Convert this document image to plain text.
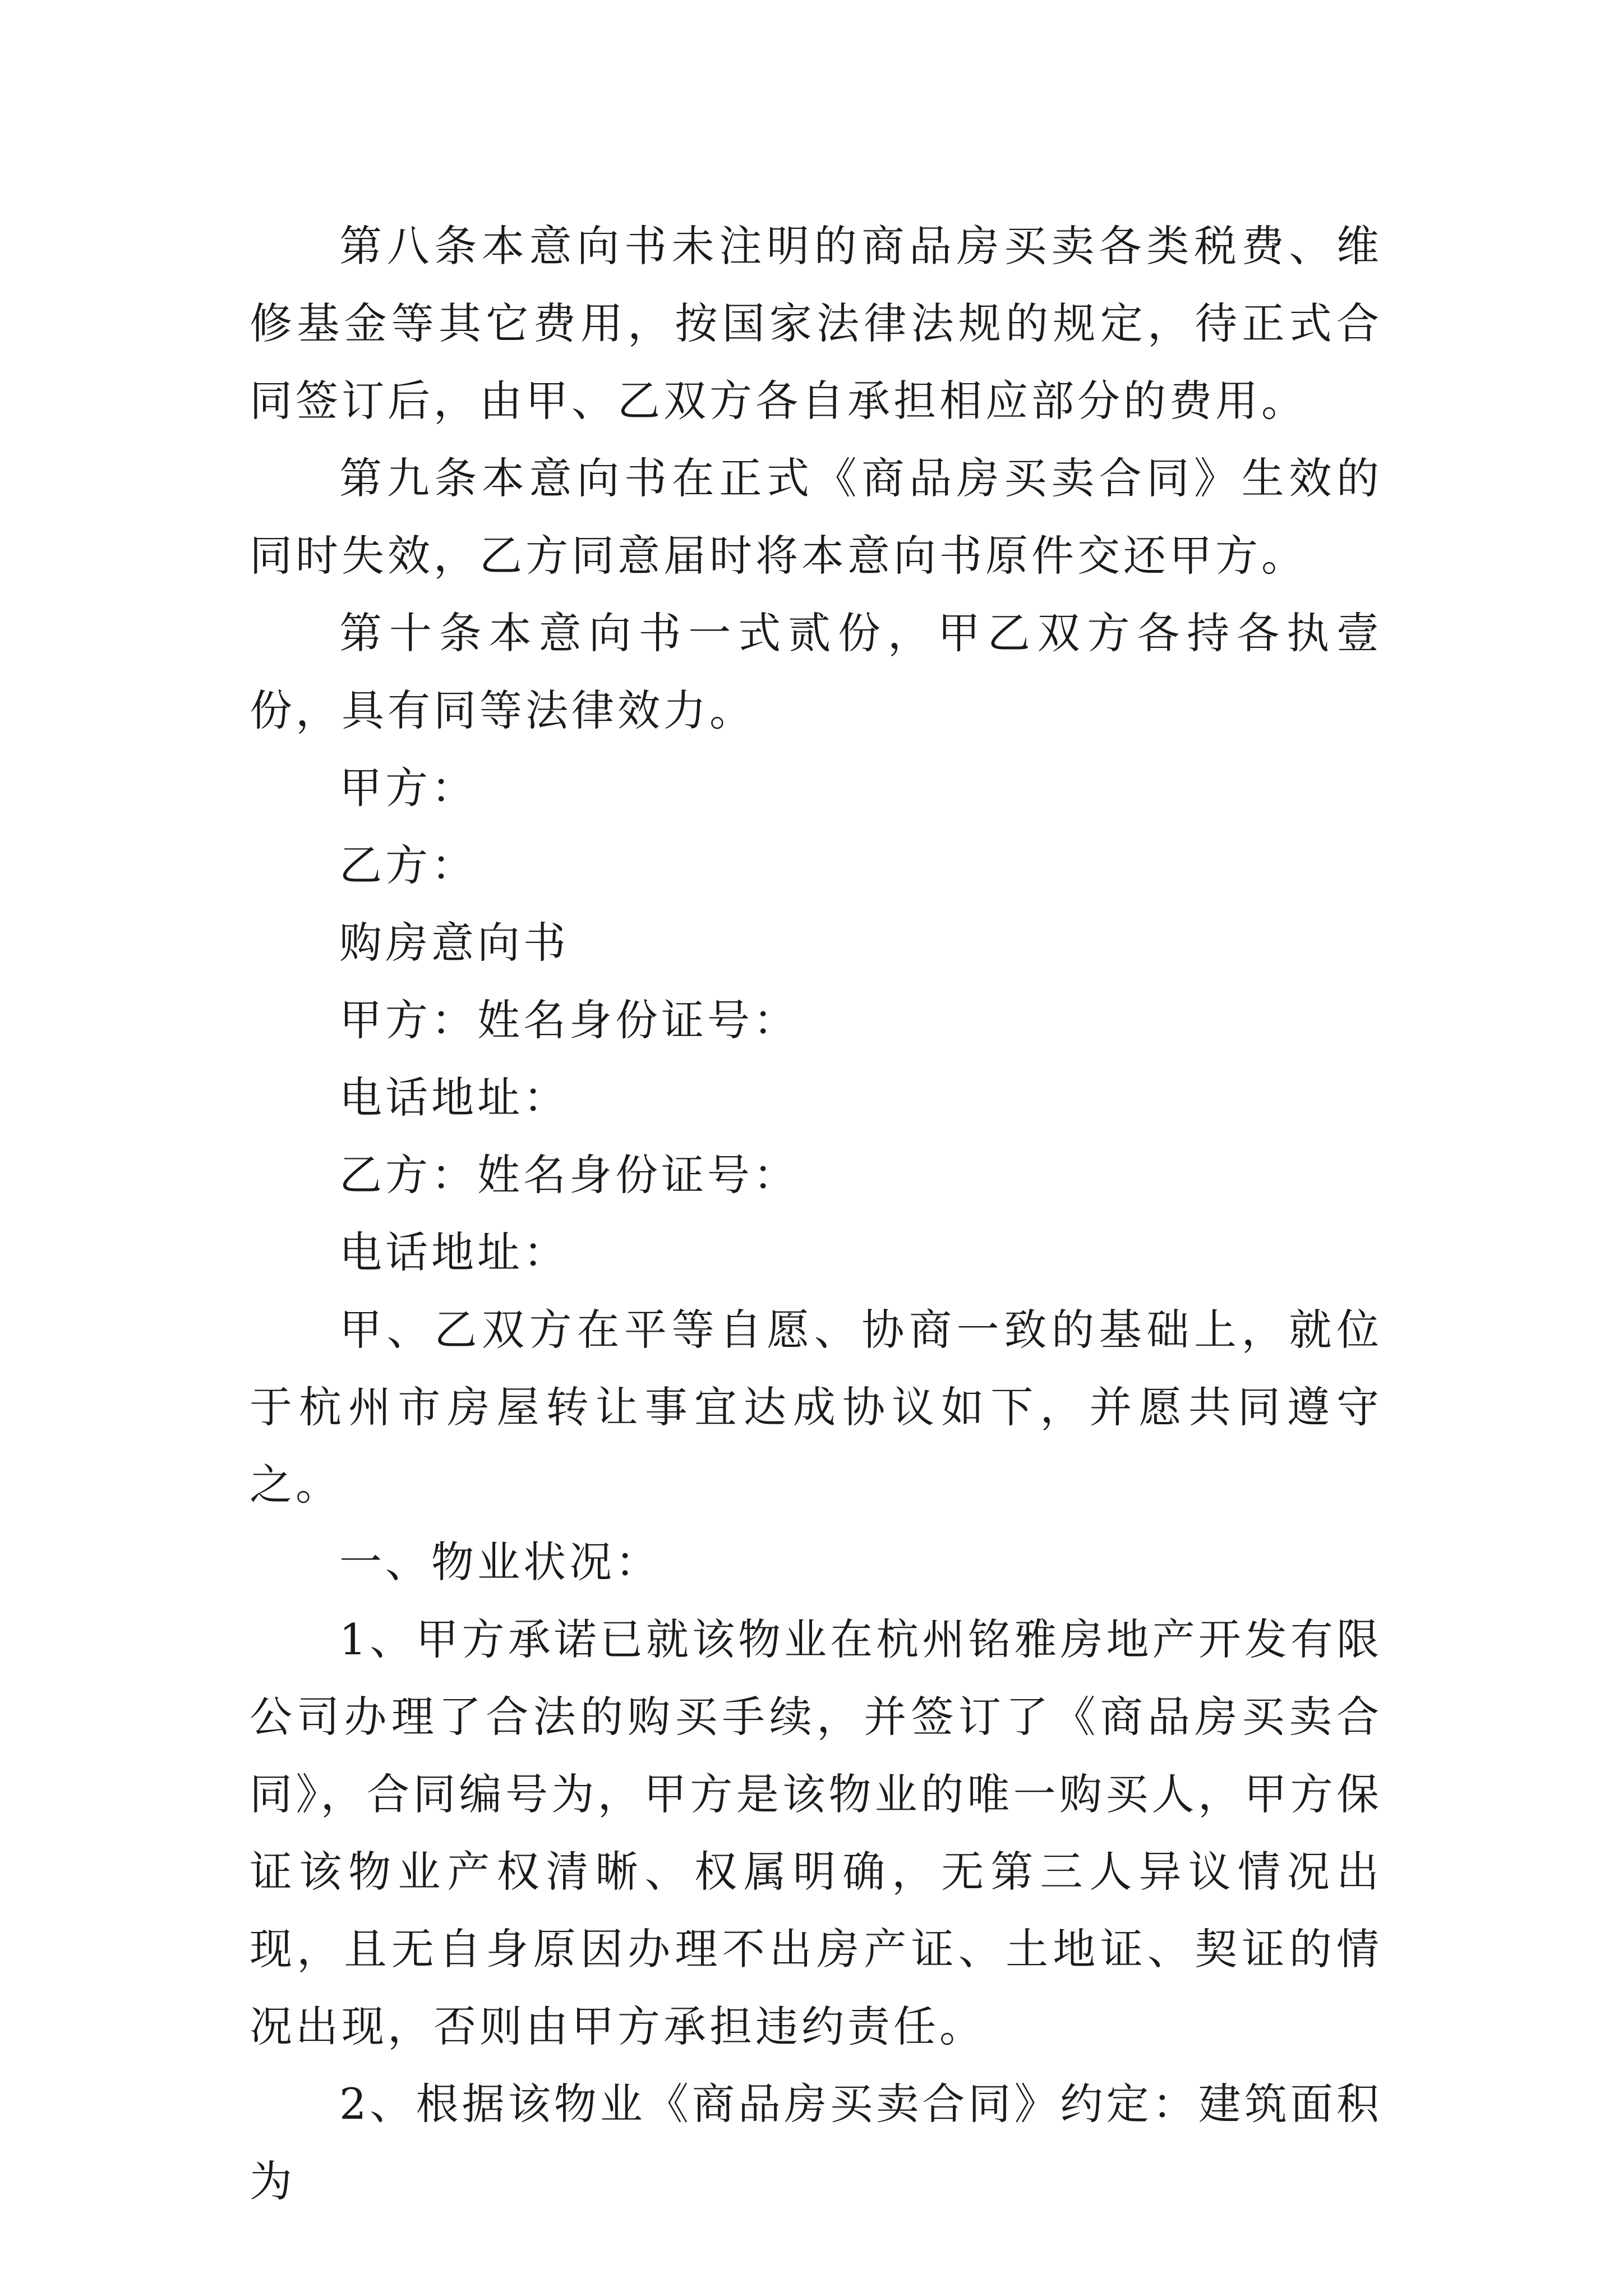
第八条本意向书未注明的商品房买卖各类税费、维修基金等其它费用，按国家法律法规的规定，待正式合同签订后，由甲、乙双方各自承担相应部分的费用。

第九条本意向书在正式《商品房买卖合同》生效的同时失效，乙方同意届时将本意向书原件交还甲方。

第十条本意向书一式贰份，甲乙双方各持各执壹份，具有同等法律效力。

甲方：

乙方：

购房意向书

甲方：姓名身份证号：

电话地址：

乙方：姓名身份证号：

电话地址：

甲、乙双方在平等自愿、协商一致的基础上，就位于杭州市房屋转让事宜达成协议如下，并愿共同遵守之。

一、物业状况：

1、甲方承诺已就该物业在杭州铭雅房地产开发有限公司办理了合法的购买手续，并签订了《商品房买卖合同》，合同编号为，甲方是该物业的唯一购买人，甲方保证该物业产权清晰、权属明确，无第三人异议情况出现，且无自身原因办理不出房产证、土地证、契证的情况出现，否则由甲方承担违约责任。

2、根据该物业《商品房买卖合同》约定：建筑面积为
